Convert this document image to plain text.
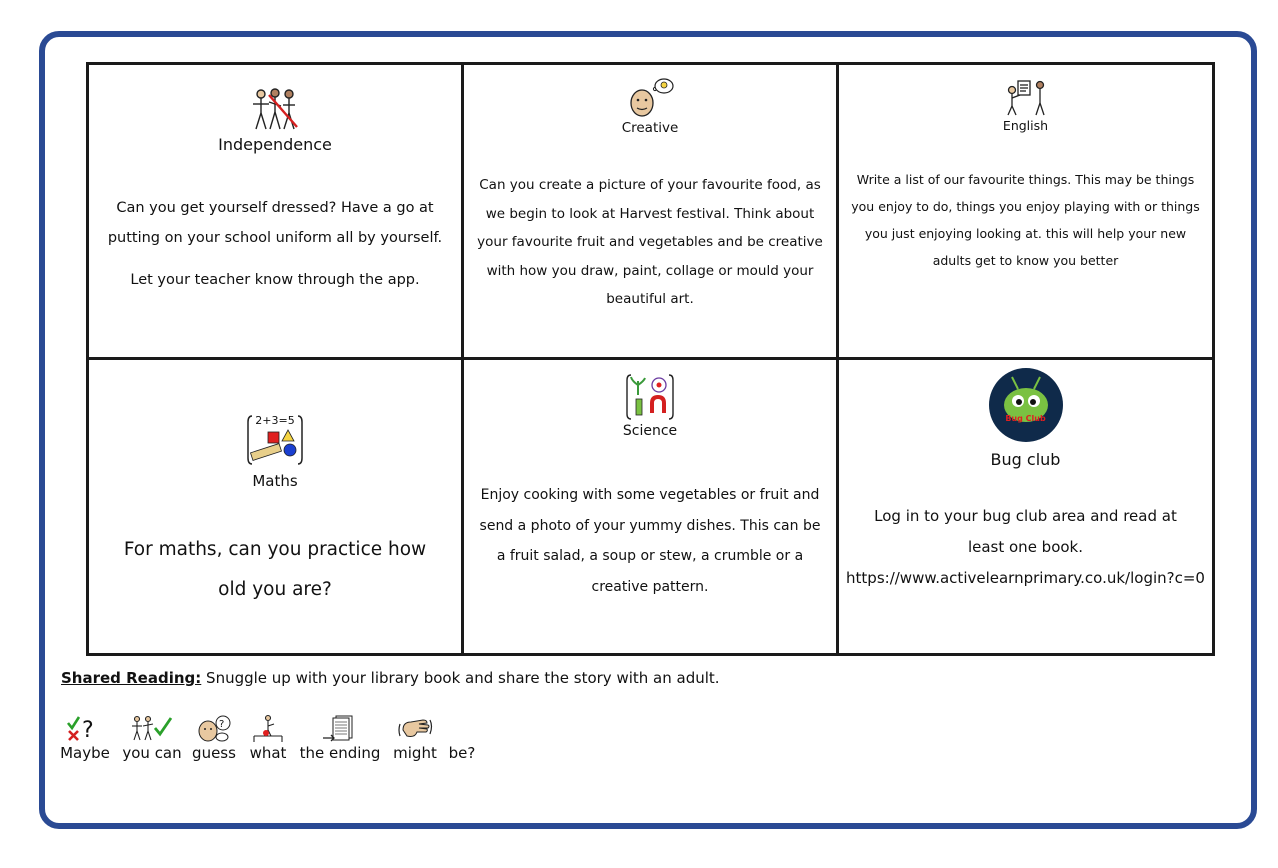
Independence

Can you get yourself dressed? Have a go at putting on your school uniform all by yourself.

Let your teacher know through the app.

Creative
Can you create a picture of your favourite food, as we begin to look at Harvest festival. Think about your favourite fruit and vegetables and be creative with how you draw, paint, collage or mould your beautiful art.
English
Write a list of our favourite things. This may be things you enjoy to do, things you enjoy playing with or things you just enjoying looking at. this will help your new adults get to know you better
2+3=5
Maths
For maths, can you practice how old you are?
Science
Enjoy cooking with some vegetables or fruit and send a photo of your yummy dishes. This can be a fruit salad, a soup or stew, a crumble or a creative pattern.
Bug Club
Bug club

Log in to your bug club area and read at least one book.

https://www.activelearnprimary.co.uk/login?c=0

Shared Reading: Snuggle up with your library book and share the story with an adult.
?
Maybe you can
?
guess what the ending might be?
